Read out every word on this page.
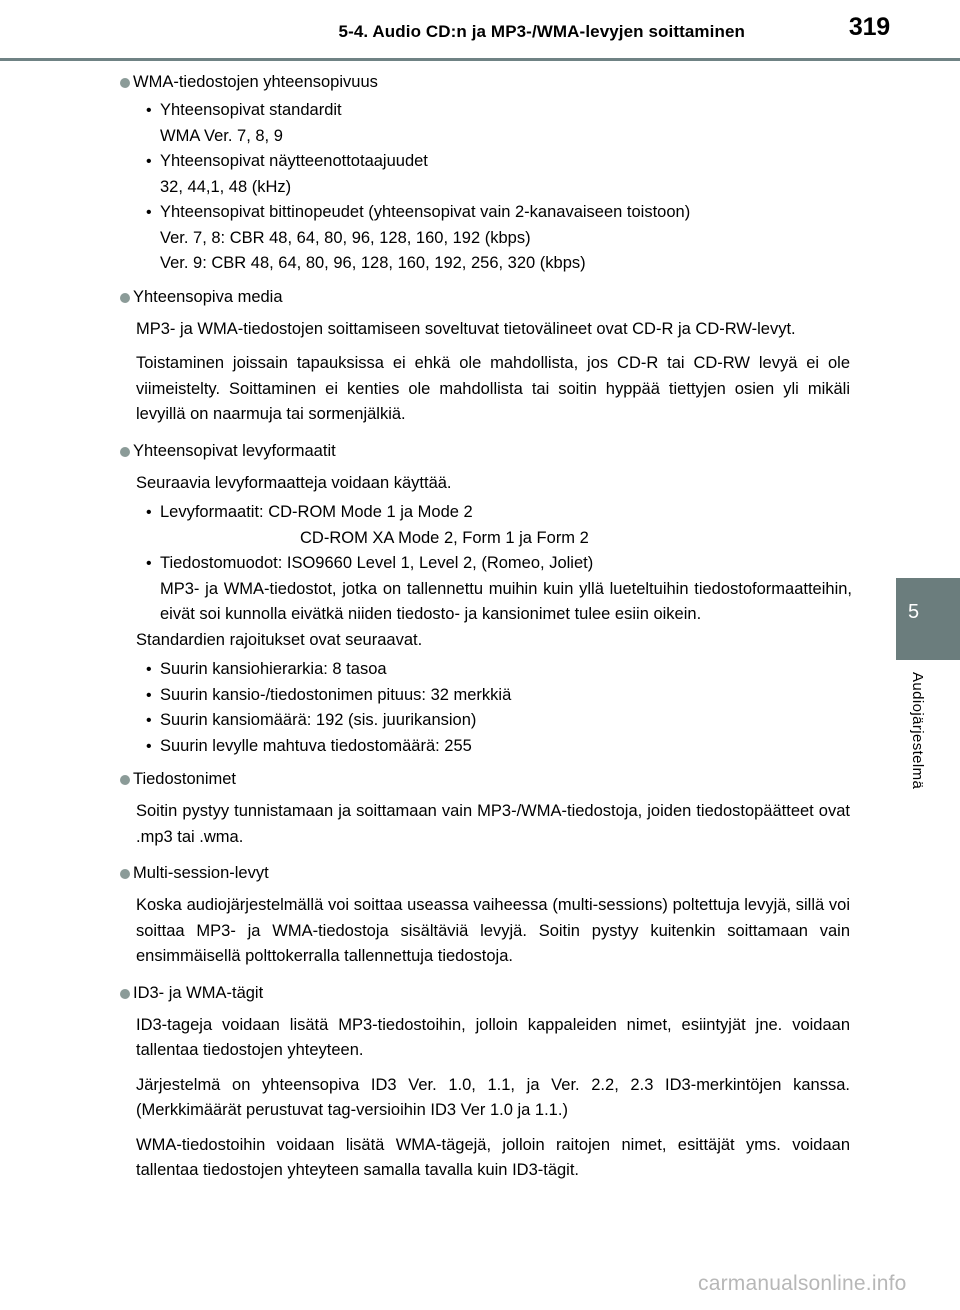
5-4. Audio CD:n ja MP3-/WMA-levyjen soittaminen	319
5
Audiojärjestelmä
WMA-tiedostojen yhteensopivuus
• Yhteensopivat standardit
WMA Ver. 7, 8, 9
• Yhteensopivat näytteenottotaajuudet
32, 44,1, 48 (kHz)
• Yhteensopivat bittinopeudet (yhteensopivat vain 2-kanavaiseen toistoon)
Ver. 7, 8: CBR 48, 64, 80, 96, 128, 160, 192 (kbps)
Ver. 9: CBR 48, 64, 80, 96, 128, 160, 192, 256, 320 (kbps)
Yhteensopiva media

MP3- ja WMA-tiedostojen soittamiseen soveltuvat tietovälineet ovat CD-R ja CD-RW-levyt.

Toistaminen joissain tapauksissa ei ehkä ole mahdollista, jos CD-R tai CD-RW levyä ei ole viimeistelty. Soittaminen ei kenties ole mahdollista tai soitin hyppää tiettyjen osien yli mikäli levyillä on naarmuja tai sormenjälkiä.

Yhteensopivat levyformaatit

Seuraavia levyformaatteja voidaan käyttää.

• Levyformaatit: CD-ROM Mode 1 ja Mode 2
CD-ROM XA Mode 2, Form 1 ja Form 2
• Tiedostomuodot: ISO9660 Level 1, Level 2, (Romeo, Joliet)
MP3- ja WMA-tiedostot, jotka on tallennettu muihin kuin yllä lueteltuihin tiedostoformaatteihin, eivät soi kunnolla eivätkä niiden tiedosto- ja kansionimet tulee esiin oikein.

Standardien rajoitukset ovat seuraavat.

• Suurin kansiohierarkia: 8 tasoa
• Suurin kansio-/tiedostonimen pituus: 32 merkkiä
• Suurin kansiomäärä: 192 (sis. juurikansion)
• Suurin levylle mahtuva tiedostomäärä: 255
Tiedostonimet

Soitin pystyy tunnistamaan ja soittamaan vain MP3-/WMA-tiedostoja, joiden tiedostopäätteet ovat .mp3 tai .wma.

Multi-session-levyt

Koska audiojärjestelmällä voi soittaa useassa vaiheessa (multi-sessions) poltettuja levyjä, sillä voi soittaa MP3- ja WMA-tiedostoja sisältäviä levyjä. Soitin pystyy kuitenkin soittamaan vain ensimmäisellä polttokerralla tallennettuja tiedostoja.

ID3- ja WMA-tägit

ID3-tageja voidaan lisätä MP3-tiedostoihin, jolloin kappaleiden nimet, esiintyjät jne. voidaan tallentaa tiedostojen yhteyteen.

Järjestelmä on yhteensopiva ID3 Ver. 1.0, 1.1, ja Ver. 2.2, 2.3 ID3-merkintöjen kanssa. (Merkkimäärät perustuvat tag-versioihin ID3 Ver 1.0 ja 1.1.)

WMA-tiedostoihin voidaan lisätä WMA-tägejä, jolloin raitojen nimet, esittäjät yms. voidaan tallentaa tiedostojen yhteyteen samalla tavalla kuin ID3-tägit.

carmanualsonline.info
